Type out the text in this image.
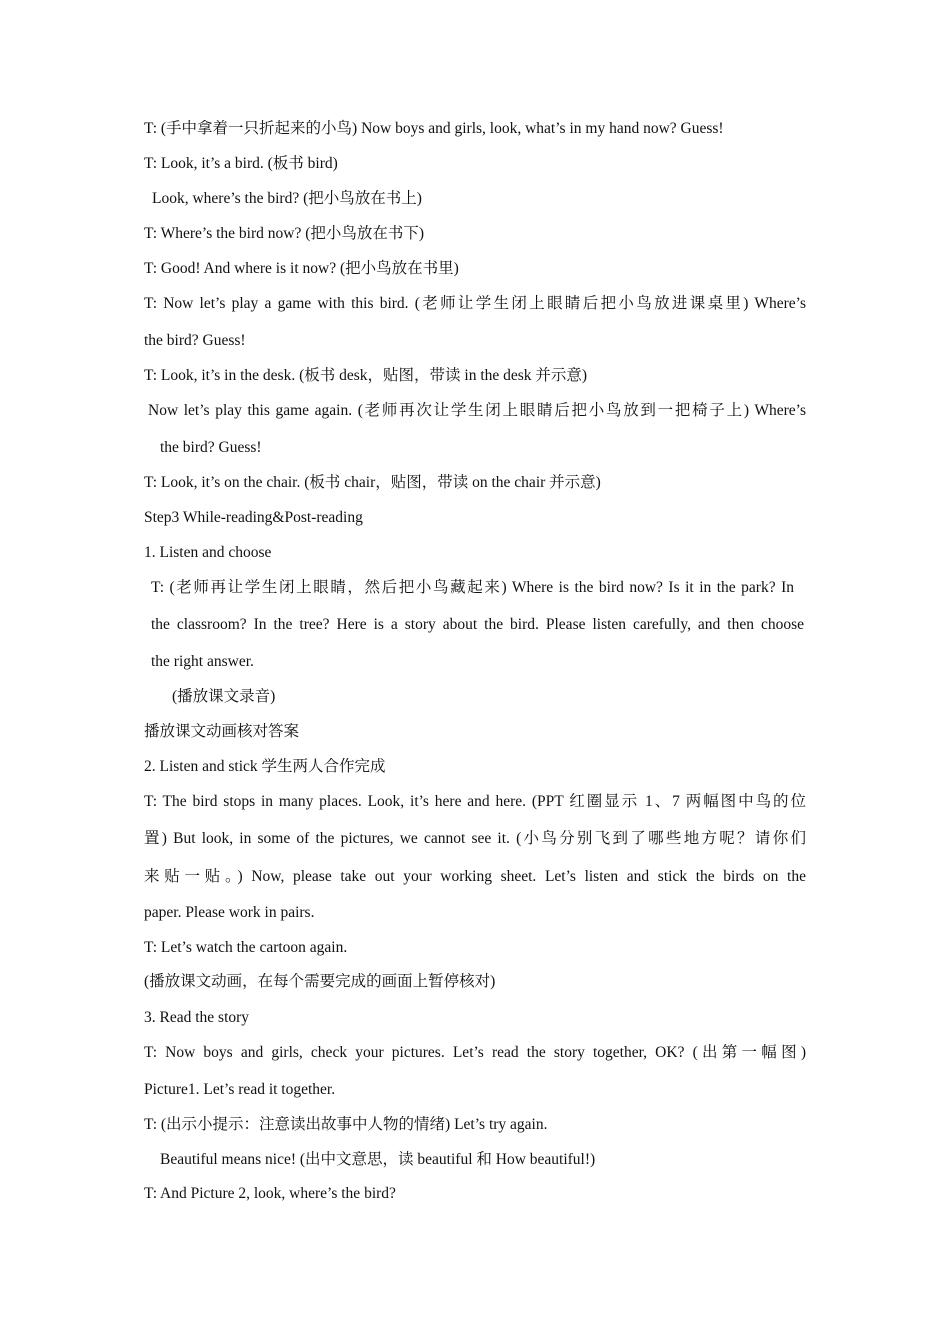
T: (手中拿着一只折起来的小鸟) Now boys and girls, look, what’s in my hand now? Guess!
T: Look, it’s a bird. (板书 bird)
Look, where’s the bird? (把小鸟放在书上)
T: Where’s the bird now? (把小鸟放在书下)
T: Good! And where is it now? (把小鸟放在书里)
T: Now let’s play a game with this bird. (老师让学生闭上眼睛后把小鸟放进课桌里) Where’s
the bird? Guess!
T: Look, it’s in the desk. (板书 desk，贴图，带读 in the desk 并示意)
Now let’s play this game again. (老师再次让学生闭上眼睛后把小鸟放到一把椅子上) Where’s
the bird? Guess!
T: Look, it’s on the chair. (板书 chair，贴图，带读 on the chair 并示意)
Step3 While-reading&Post-reading
1. Listen and choose
T: (老师再让学生闭上眼睛，然后把小鸟藏起来) Where is the bird now? Is it in the park? In
the classroom? In the tree? Here is a story about the bird. Please listen carefully, and then choose
the right answer.
(播放课文录音)
播放课文动画核对答案
2. Listen and stick 学生两人合作完成
T: The bird stops in many places. Look, it’s here and here. (PPT 红圈显示 1、7 两幅图中鸟的位
置) But look, in some of the pictures, we cannot see it. (小鸟分别飞到了哪些地方呢？请你们
来贴一贴。) Now, please take out your working sheet. Let’s listen and stick the birds on the
paper. Please work in pairs.
T: Let’s watch the cartoon again.
(播放课文动画，在每个需要完成的画面上暂停核对)
3. Read the story
T: Now boys and girls, check your pictures. Let’s read the story together, OK? (出第一幅图)
Picture1. Let’s read it together.
T: (出示小提示：注意读出故事中人物的情绪) Let’s try again.
Beautiful means nice! (出中文意思，读 beautiful 和 How beautiful!)
T: And Picture 2, look, where’s the bird?
